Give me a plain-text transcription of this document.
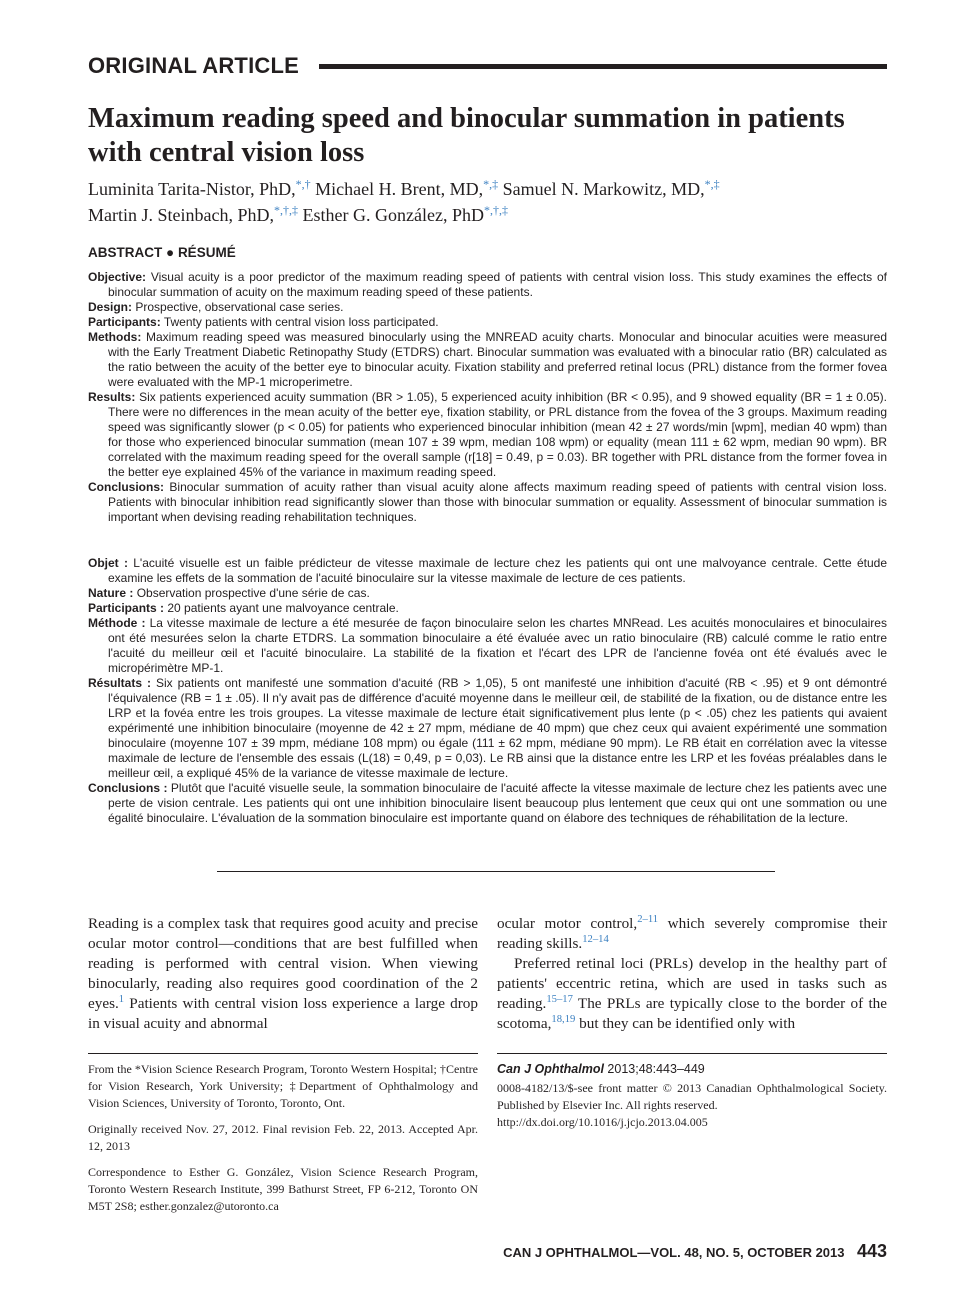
ORIGINAL ARTICLE
Maximum reading speed and binocular summation in patients with central vision loss

Luminita Tarita-Nistor, PhD,*,† Michael H. Brent, MD,*,‡ Samuel N. Markowitz, MD,*,‡
Martin J. Steinbach, PhD,*,†,‡ Esther G. González, PhD*,†,‡

ABSTRACT ● RÉSUMÉ

Objective: Visual acuity is a poor predictor of the maximum reading speed of patients with central vision loss. This study examines the effects of binocular summation of acuity on the maximum reading speed of these patients.

Design: Prospective, observational case series.

Participants: Twenty patients with central vision loss participated.

Methods: Maximum reading speed was measured binocularly using the MNREAD acuity charts. Monocular and binocular acuities were measured with the Early Treatment Diabetic Retinopathy Study (ETDRS) chart. Binocular summation was evaluated with a binocular ratio (BR) calculated as the ratio between the acuity of the better eye to binocular acuity. Fixation stability and preferred retinal locus (PRL) distance from the former fovea were evaluated with the MP-1 microperimetre.

Results: Six patients experienced acuity summation (BR > 1.05), 5 experienced acuity inhibition (BR < 0.95), and 9 showed equality (BR = 1 ± 0.05). There were no differences in the mean acuity of the better eye, fixation stability, or PRL distance from the fovea of the 3 groups. Maximum reading speed was significantly slower (p < 0.05) for patients who experienced binocular inhibition (mean 42 ± 27 words/min [wpm], median 40 wpm) than for those who experienced binocular summation (mean 107 ± 39 wpm, median 108 wpm) or equality (mean 111 ± 62 wpm, median 90 wpm). BR correlated with the maximum reading speed for the overall sample (r[18] = 0.49, p = 0.03). BR together with PRL distance from the former fovea in the better eye explained 45% of the variance in maximum reading speed.

Conclusions: Binocular summation of acuity rather than visual acuity alone affects maximum reading speed of patients with central vision loss. Patients with binocular inhibition read significantly slower than those with binocular summation or equality. Assessment of binocular summation is important when devising reading rehabilitation techniques.

Objet : L'acuité visuelle est un faible prédicteur de vitesse maximale de lecture chez les patients qui ont une malvoyance centrale. Cette étude examine les effets de la sommation de l'acuité binoculaire sur la vitesse maximale de lecture de ces patients.

Nature : Observation prospective d'une série de cas.

Participants : 20 patients ayant une malvoyance centrale.

Méthode : La vitesse maximale de lecture a été mesurée de façon binoculaire selon les chartes MNRead. Les acuités monoculaires et binoculaires ont été mesurées selon la charte ETDRS. La sommation binoculaire a été évaluée avec un ratio binoculaire (RB) calculé comme le ratio entre l'acuité du meilleur œil et l'acuité binoculaire. La stabilité de la fixation et l'écart des LPR de l'ancienne fovéa ont été évalués avec le micropérimètre MP-1.

Résultats : Six patients ont manifesté une sommation d'acuité (RB > 1,05), 5 ont manifesté une inhibition d'acuité (RB < .95) et 9 ont démontré l'équivalence (RB = 1 ± .05). Il n'y avait pas de différence d'acuité moyenne dans le meilleur œil, de stabilité de la fixation, ou de distance entre les LRP et la fovéa entre les trois groupes. La vitesse maximale de lecture était significativement plus lente (p < .05) chez les patients qui avaient expérimenté une inhibition binoculaire (moyenne de 42 ± 27 mpm, médiane de 40 mpm) que chez ceux qui avaient expérimenté une sommation binoculaire (moyenne 107 ± 39 mpm, médiane 108 mpm) ou égale (111 ± 62 mpm, médiane 90 mpm). Le RB était en corrélation avec la vitesse maximale de lecture de l'ensemble des essais (L(18) = 0,49, p = 0,03). Le RB ainsi que la distance entre les LRP et les fovéas préalables dans le meilleur œil, a expliqué 45% de la variance de vitesse maximale de lecture.

Conclusions : Plutôt que l'acuité visuelle seule, la sommation binoculaire de l'acuité affecte la vitesse maximale de lecture chez les patients avec une perte de vision centrale. Les patients qui ont une inhibition binoculaire lisent beaucoup plus lentement que ceux qui ont une sommation ou une égalité binoculaire. L'évaluation de la sommation binoculaire est importante quand on élabore des techniques de réhabilitation de la lecture.

Reading is a complex task that requires good acuity and precise ocular motor control—conditions that are best fulfilled when reading is performed with central vision. When viewing binocularly, reading also requires good coordination of the 2 eyes.$^1$ Patients with central vision loss experience a large drop in visual acuity and abnormal

ocular motor control,$^{2-11}$ which severely compromise their reading skills.$^{12-14}$

Preferred retinal loci (PRLs) develop in the healthy part of patients' eccentric retina, which are used in tasks such as reading.$^{15-17}$ The PRLs are typically close to the border of the scotoma,$^{18,19}$ but they can be identified only with

From the *Vision Science Research Program, Toronto Western Hospital; †Centre for Vision Research, York University; ‡Department of Ophthalmology and Vision Sciences, University of Toronto, Toronto, Ont.

Originally received Nov. 27, 2012. Final revision Feb. 22, 2013. Accepted Apr. 12, 2013

Correspondence to Esther G. González, Vision Science Research Program, Toronto Western Research Institute, 399 Bathurst Street, FP 6-212, Toronto ON M5T 2S8; esther.gonzalez@utoronto.ca

Can J Ophthalmol 2013;48:443–449

0008-4182/13/$-see front matter © 2013 Canadian Ophthalmological Society. Published by Elsevier Inc. All rights reserved.
http://dx.doi.org/10.1016/j.jcjo.2013.04.005

CAN J OPHTHALMOL—VOL. 48, NO. 5, OCTOBER 2013 443
